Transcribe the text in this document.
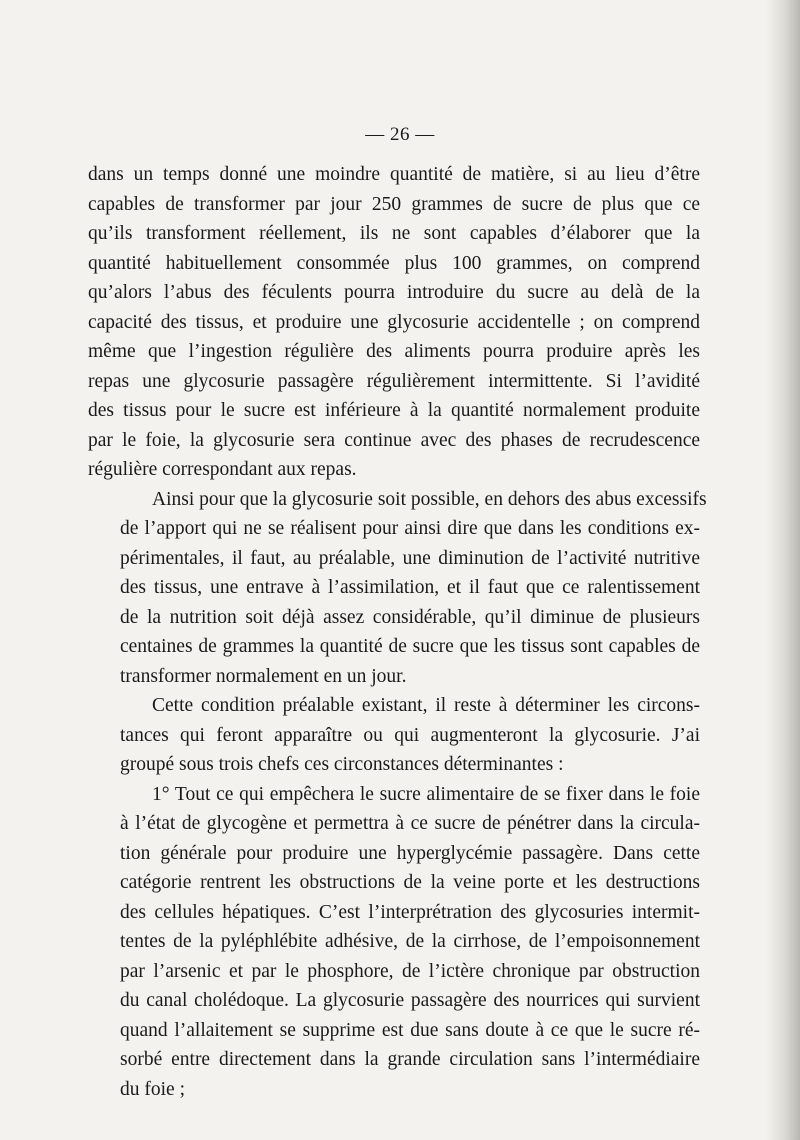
— 26 —

dans un temps donné une moindre quantité de matière, si au lieu d’être
capables de transformer par jour 250 grammes de sucre de plus que ce
qu’ils transforment réellement, ils ne sont capables d’élaborer que la
quantité habituellement consommée plus 100 grammes, on comprend
qu’alors l’abus des féculents pourra introduire du sucre au delà de la
capacité des tissus, et produire une glycosurie accidentelle ; on comprend
même que l’ingestion régulière des aliments pourra produire après les
repas une glycosurie passagère régulièrement intermittente. Si l’avidité
des tissus pour le sucre est inférieure à la quantité normalement produite
par le foie, la glycosurie sera continue avec des phases de recrudescence
régulière correspondant aux repas.

Ainsi pour que la glycosurie soit possible, en dehors des abus excessifs
de l’apport qui ne se réalisent pour ainsi dire que dans les conditions ex-
périmentales, il faut, au préalable, une diminution de l’activité nutritive
des tissus, une entrave à l’assimilation, et il faut que ce ralentissement
de la nutrition soit déjà assez considérable, qu’il diminue de plusieurs
centaines de grammes la quantité de sucre que les tissus sont capables de
transformer normalement en un jour.

Cette condition préalable existant, il reste à déterminer les circons-
tances qui feront apparaître ou qui augmenteront la glycosurie. J’ai
groupé sous trois chefs ces circonstances déterminantes :

1° Tout ce qui empêchera le sucre alimentaire de se fixer dans le foie
à l’état de glycogène et permettra à ce sucre de pénétrer dans la circula-
tion générale pour produire une hyperglycémie passagère. Dans cette
catégorie rentrent les obstructions de la veine porte et les destructions
des cellules hépatiques. C’est l’interprétration des glycosuries intermit-
tentes de la pyléphlébite adhésive, de la cirrhose, de l’empoisonnement
par l’arsenic et par le phosphore, de l’ictère chronique par obstruction
du canal cholédoque. La glycosurie passagère des nourrices qui survient
quand l’allaitement se supprime est due sans doute à ce que le sucre ré-
sorbé entre directement dans la grande circulation sans l’intermédiaire
du foie ;
